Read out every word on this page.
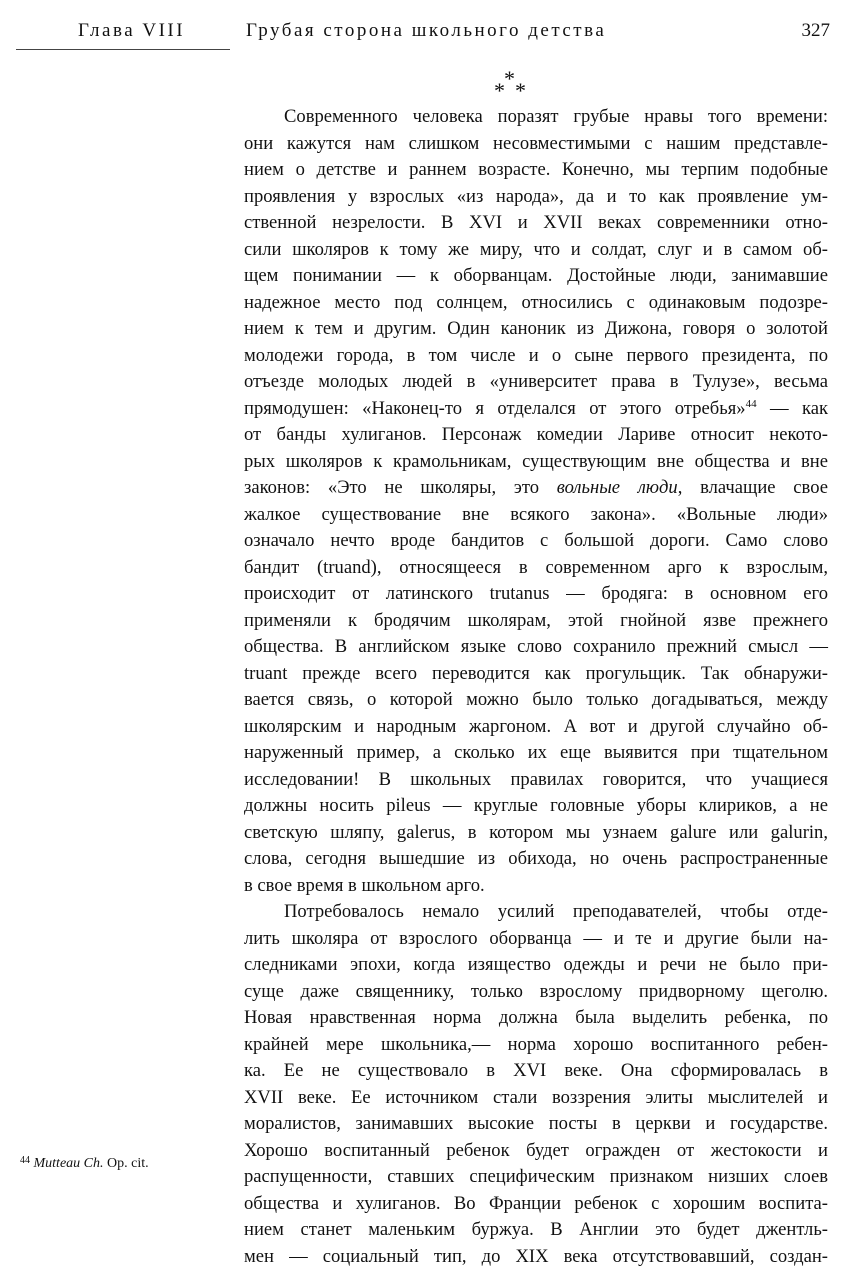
Глава VIII	Грубая сторона школьного детства	327
*
* *
Современного человека поразят грубые нравы того времени:
они кажутся нам слишком несовместимыми с нашим представле-
нием о детстве и раннем возрасте. Конечно, мы терпим подобные
проявления у взрослых «из народа», да и то как проявление ум-
ственной незрелости. В XVI и XVII веках современники отно-
сили школяров к тому же миру, что и солдат, слуг и в самом об-
щем понимании — к оборванцам. Достойные люди, занимавшие
надежное место под солнцем, относились с одинаковым подозре-
нием к тем и другим. Один каноник из Дижона, говоря о золотой
молодежи города, в том числе и о сыне первого президента, по
отъезде молодых людей в «университет права в Тулузе», весьма
прямодушен: «Наконец-то я отделался от этого отребья»$^{44}$ — как
от банды хулиганов. Персонаж комедии Ларивe относит некото-
рых школяров к крамольникам, существующим вне общества и вне
законов: «Это не школяры, это вольные люди, влачащие свое
жалкое существование вне всякого закона». «Вольные люди»
означало нечто вроде бандитов с большой дороги. Само слово
бандит (truand), относящееся в современном арго к взрослым,
происходит от латинского trutanus — бродяга: в основном его
применяли к бродячим школярам, этой гнойной язве прежнего
общества. В английском языке слово сохранило прежний смысл —
truant прежде всего переводится как прогульщик. Так обнаружи-
вается связь, о которой можно было только догадываться, между
школярским и народным жаргоном. А вот и другой случайно об-
наруженный пример, а сколько их еще выявится при тщательном
исследовании! В школьных правилах говорится, что учащиеся
должны носить pileus — круглые головные уборы клириков, а не
светскую шляпу, galerus, в котором мы узнаем galure или galurin,
слова, сегодня вышедшие из обихода, но очень распространенные
в свое время в школьном арго.
Потребовалось немало усилий преподавателей, чтобы отде-
лить школяра от взрослого оборванца — и те и другие были на-
следниками эпохи, когда изящество одежды и речи не было при-
суще даже священнику, только взрослому придворному щеголю.
Новая нравственная норма должна была выделить ребенка, по
крайней мере школьника,— норма хорошо воспитанного ребен-
ка. Ее не существовало в XVI веке. Она сформировалась в
XVII веке. Ее источником стали воззрения элиты мыслителей и
моралистов, занимавших высокие посты в церкви и государстве.
Хорошо воспитанный ребенок будет огражден от жестокости и
распущенности, ставших специфическим признаком низших слоев
общества и хулиганов. Во Франции ребенок с хорошим воспита-
нием станет маленьким буржуа. В Англии это будет джентль-
мен — социальный тип, до XIX века отсутствовавший, создан-
$^{44}$ Mutteau Ch. Op. cit.
